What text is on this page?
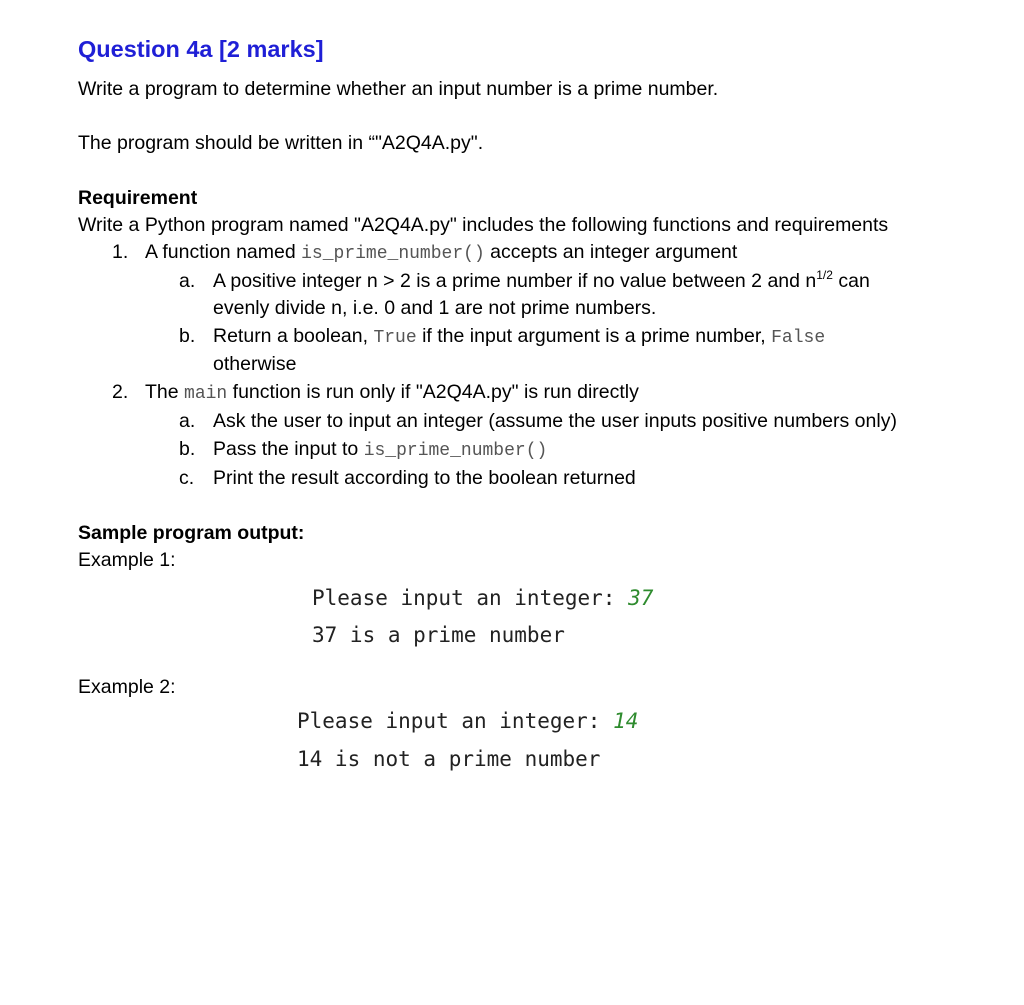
Question 4a [2 marks]
Write a program to determine whether an input number is a prime number.
The program should be written in “"A2Q4A.py".
Requirement
Write a Python program named "A2Q4A.py" includes the following functions and requirements
1. A function named is_prime_number() accepts an integer argument
a. A positive integer n > 2 is a prime number if no value between 2 and $n^{1/2}$ can
evenly divide n, i.e. 0 and 1 are not prime numbers.
b. Return a boolean, True if the input argument is a prime number, False
otherwise
2. The main function is run only if "A2Q4A.py" is run directly
a. Ask the user to input an integer (assume the user inputs positive numbers only)
b. Pass the input to is_prime_number()
c. Print the result according to the boolean returned
Sample program output:
Example 1:
Please input an integer: 37
37 is a prime number
Example 2:
Please input an integer: 14
14 is not a prime number
